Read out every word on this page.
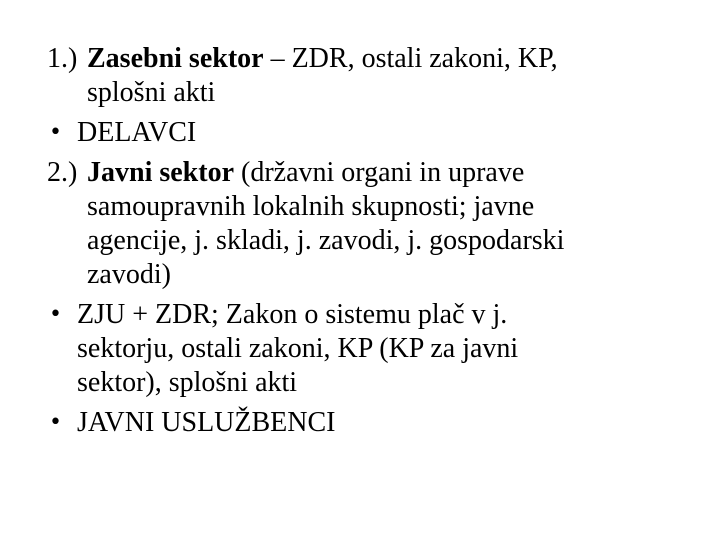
1.) Zasebni sektor – ZDR, ostali zakoni, KP,
splošni akti
• DELAVCI
2.) Javni sektor (državni organi in uprave
samoupravnih lokalnih skupnosti; javne
agencije, j. skladi, j. zavodi, j. gospodarski
zavodi)
• ZJU + ZDR; Zakon o sistemu plač v j.
sektorju, ostali zakoni, KP (KP za javni
sektor), splošni akti
• JAVNI USLUŽBENCI
